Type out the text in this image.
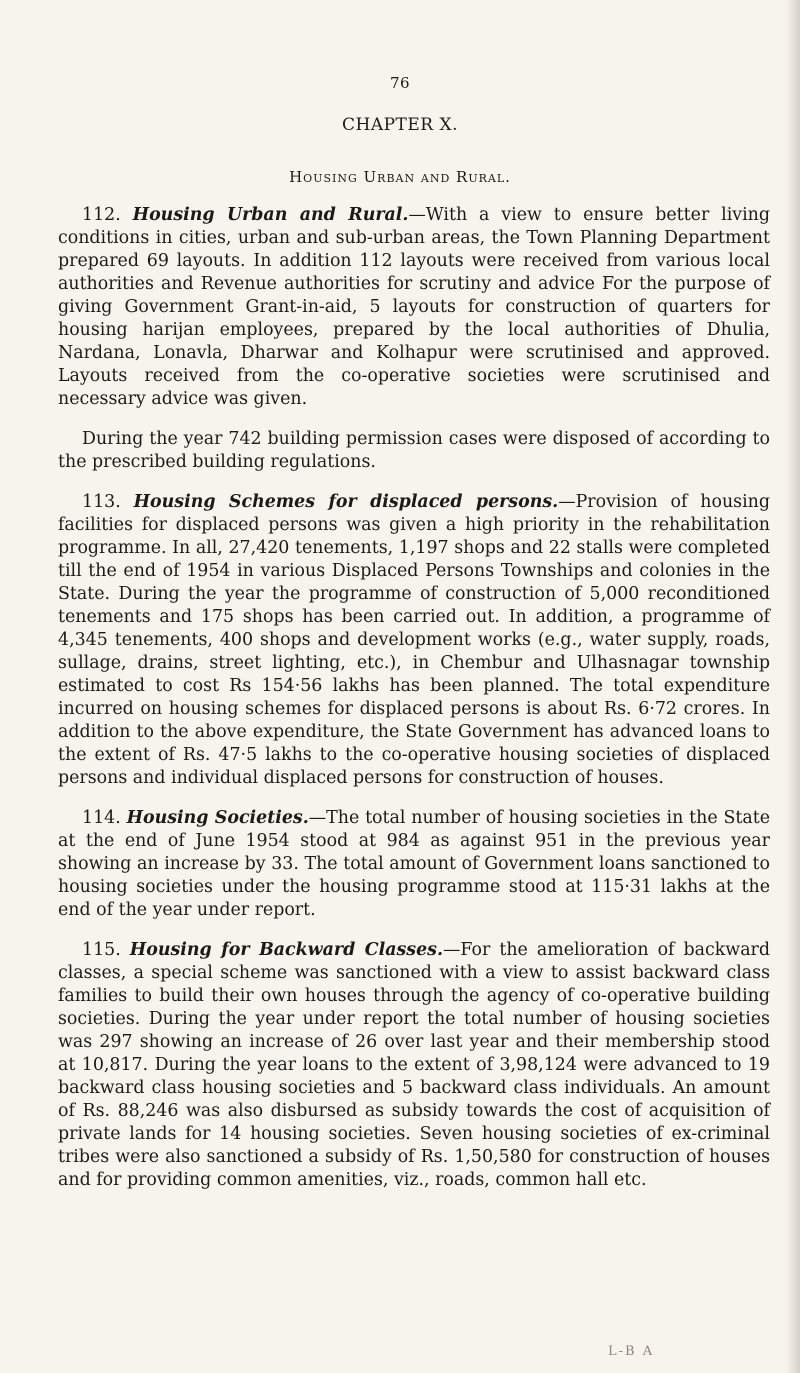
76
CHAPTER X.
Housing Urban and Rural.

112. Housing Urban and Rural.—With a view to ensure better living conditions in cities, urban and sub-urban areas, the Town Planning Department prepared 69 layouts. In addition 112 layouts were received from various local authorities and Revenue authorities for scrutiny and advice For the purpose of giving Government Grant-in-aid, 5 layouts for construction of quarters for housing harijan employees, prepared by the local authorities of Dhulia, Nardana, Lonavla, Dharwar and Kolhapur were scrutinised and approved. Layouts received from the co-operative societies were scrutinised and necessary advice was given.

During the year 742 building permission cases were disposed of according to the prescribed building regulations.

113. Housing Schemes for displaced persons.—Provision of housing facilities for displaced persons was given a high priority in the rehabilitation programme. In all, 27,420 tenements, 1,197 shops and 22 stalls were completed till the end of 1954 in various Displaced Persons Townships and colonies in the State. During the year the programme of construction of 5,000 reconditioned tenements and 175 shops has been carried out. In addition, a programme of 4,345 tenements, 400 shops and development works (e.g., water supply, roads, sullage, drains, street lighting, etc.), in Chembur and Ulhasnagar township estimated to cost Rs 154·56 lakhs has been planned. The total expenditure incurred on housing schemes for displaced persons is about Rs. 6·72 crores. In addition to the above expenditure, the State Government has advanced loans to the extent of Rs. 47·5 lakhs to the co-operative housing societies of displaced persons and individual displaced persons for construction of houses.

114. Housing Societies.—The total number of housing societies in the State at the end of June 1954 stood at 984 as against 951 in the previous year showing an increase by 33. The total amount of Government loans sanctioned to housing societies under the housing programme stood at 115·31 lakhs at the end of the year under report.

115. Housing for Backward Classes.—For the amelioration of backward classes, a special scheme was sanctioned with a view to assist backward class families to build their own houses through the agency of co-operative building societies. During the year under report the total number of housing societies was 297 showing an increase of 26 over last year and their membership stood at 10,817. During the year loans to the extent of 3,98,124 were advanced to 19 backward class housing societies and 5 backward class individuals. An amount of Rs. 88,246 was also disbursed as subsidy towards the cost of acquisition of private lands for 14 housing societies. Seven housing societies of ex-criminal tribes were also sanctioned a subsidy of Rs. 1,50,580 for construction of houses and for providing common amenities, viz., roads, common hall etc.

L-B A
